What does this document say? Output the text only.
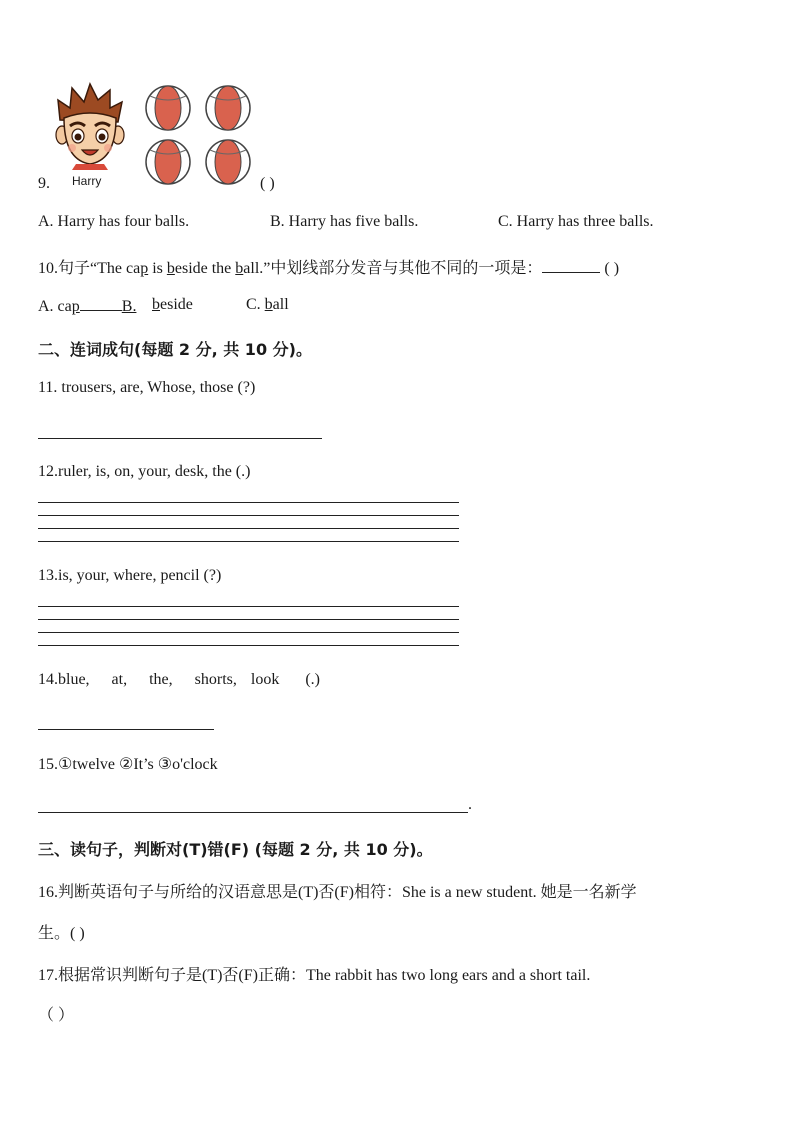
Harry
9.	( )
A. Harry has four balls.	B. Harry has five balls.	C. Harry has three balls.
10.句子“The cap is beside the ball.”中划线部分发音与其他不同的一项是：	( )
A. cap	B. beside	C. ball
二、连词成句(每题 2 分, 共 10 分)。
11. trousers, are, Whose, those (?)
12.ruler, is, on, your, desk, the (.)
13.is, your, where, pencil (?)
14.blue, at, the, shorts, look (.)
15.①twelve ②It’s ③o'clock
.
三、读句子，判断对(T)错(F) (每题 2 分, 共 10 分)。
16.判断英语句子与所给的汉语意思是(T)否(F)相符：She is a new student. 她是一名新学
生。( )
17.根据常识判断句子是(T)否(F)正确：The rabbit has two long ears and a short tail.
（ ）
